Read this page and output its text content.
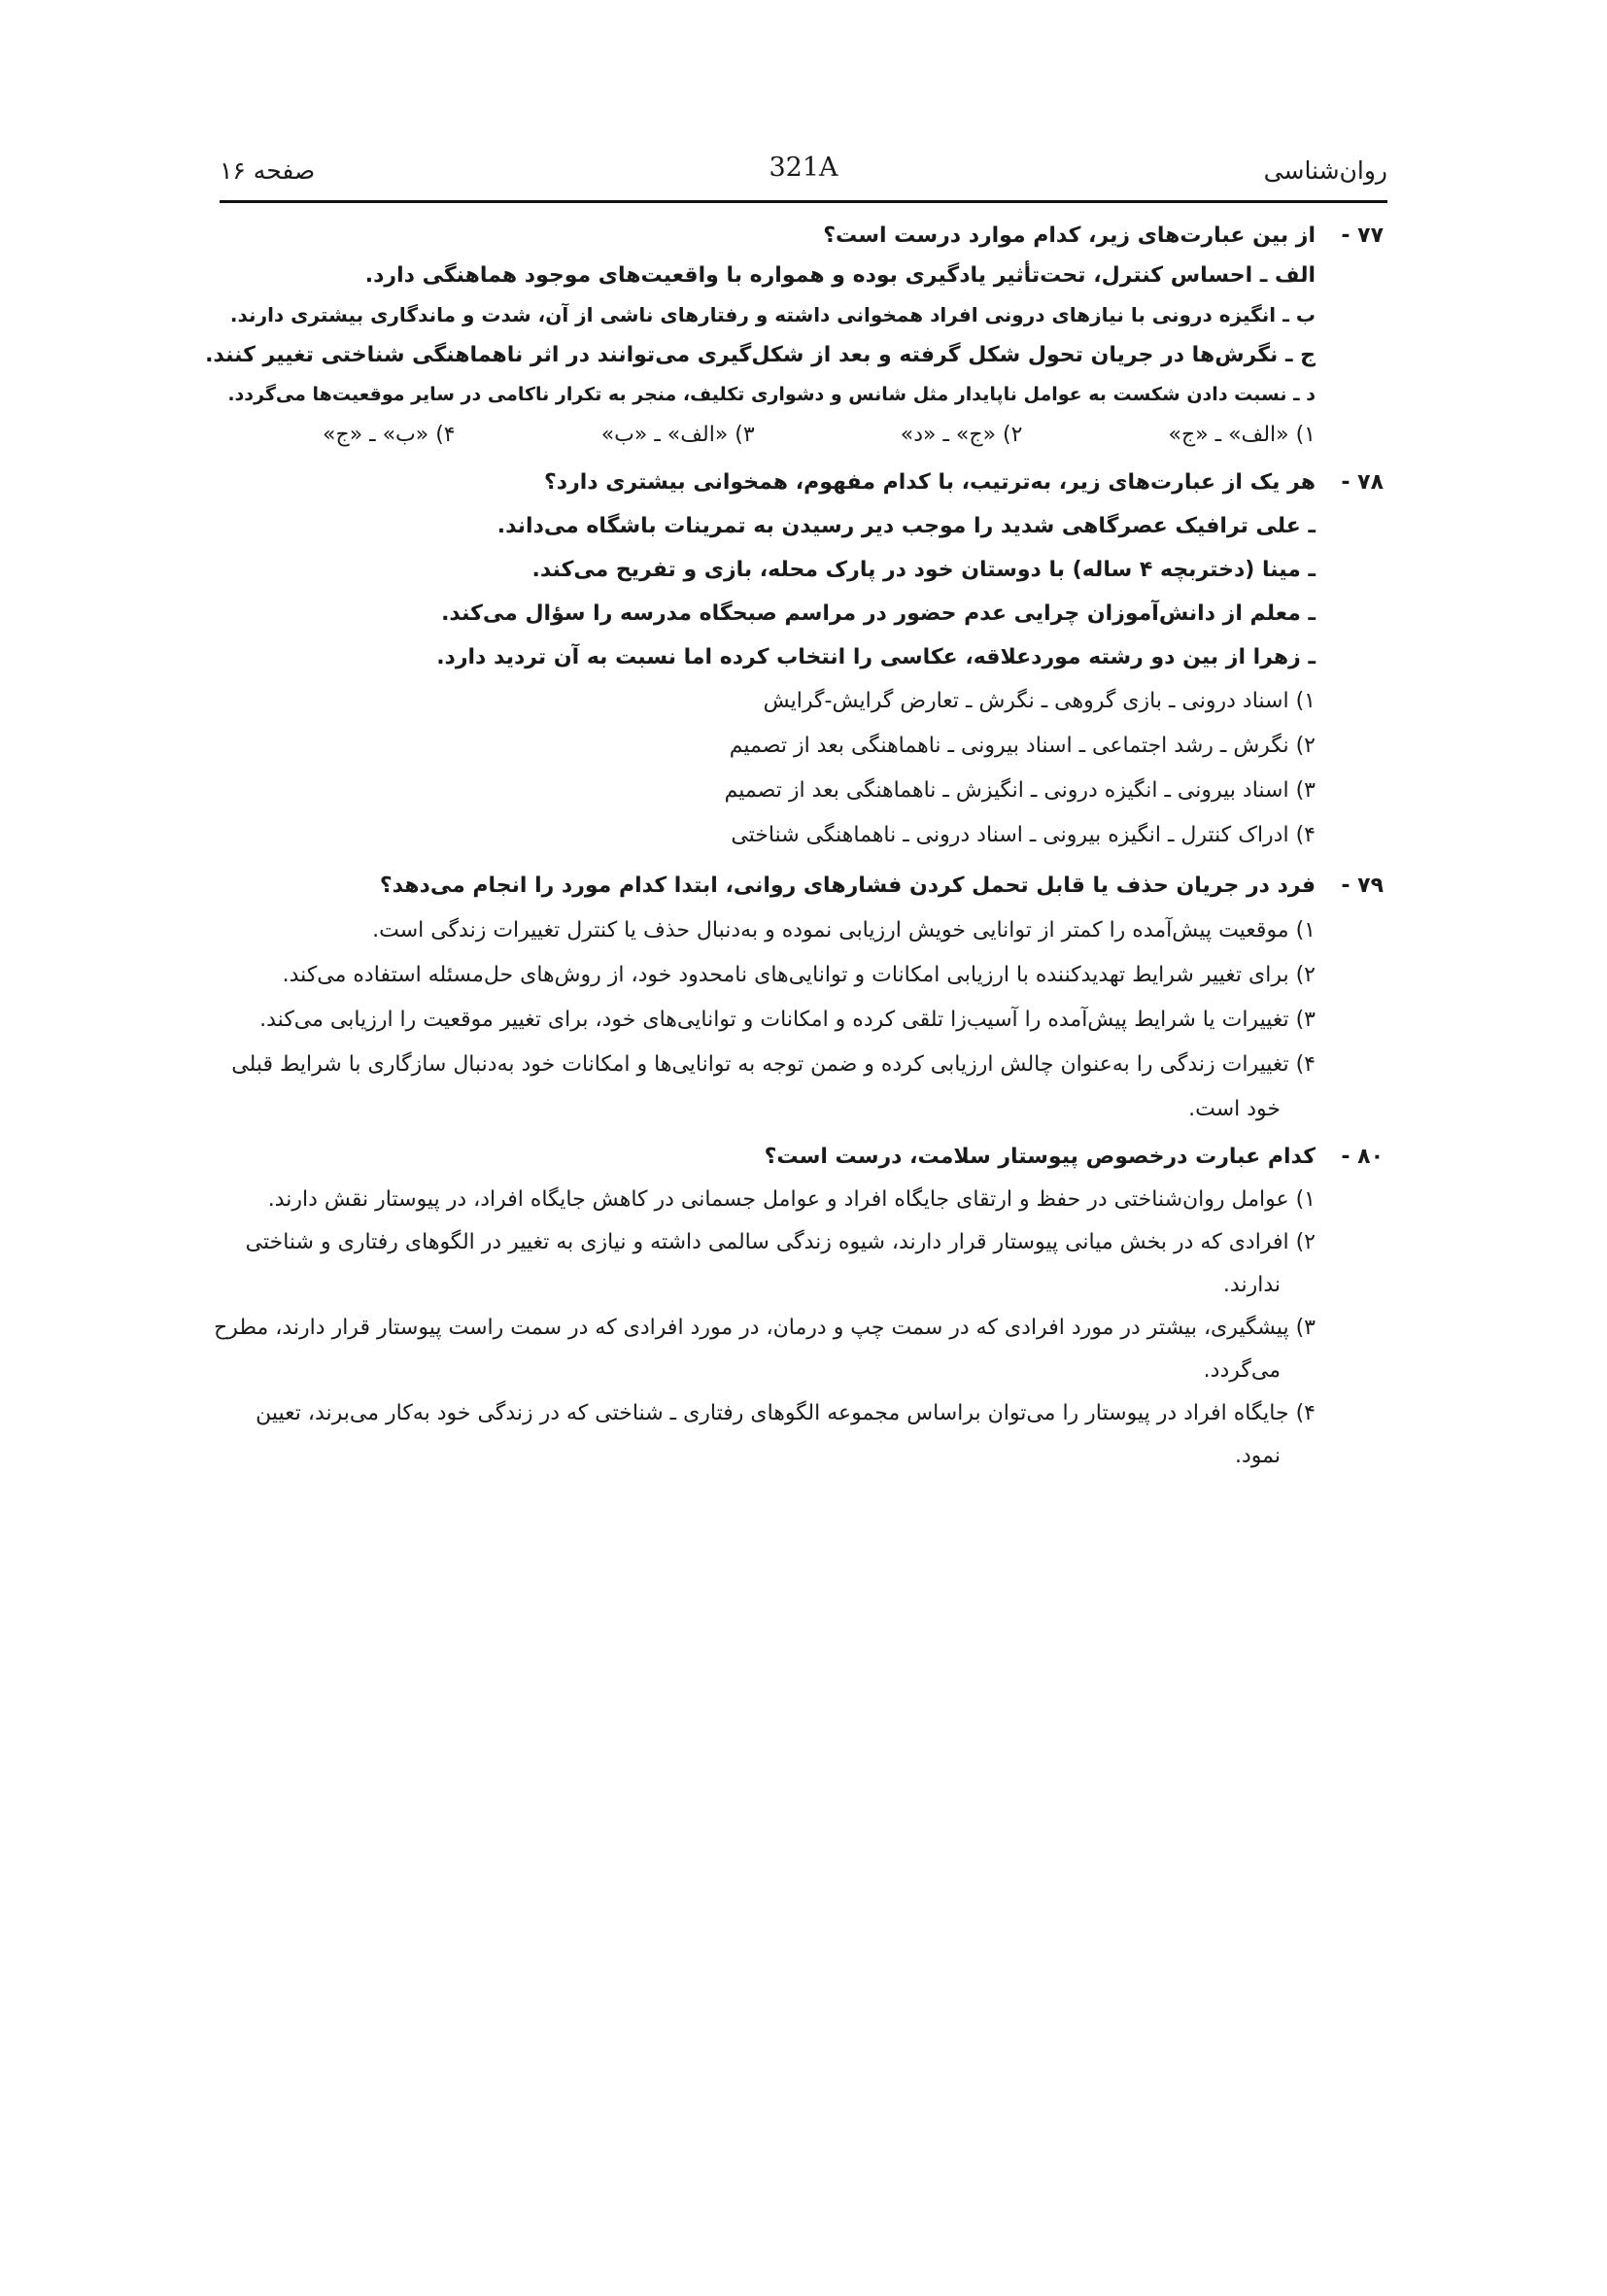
روان‌شناسی
321A
صفحه ۱۶
۷۷ -
از بین عبارت‌های زیر، کدام موارد درست است؟
الف ـ احساس کنترل، تحت‌تأثیر یادگیری بوده و همواره با واقعیت‌های موجود هماهنگی دارد.
ب ـ انگیزه درونی با نیازهای درونی افراد همخوانی داشته و رفتارهای ناشی از آن، شدت و ماندگاری بیشتری دارند.
ج ـ نگرش‌ها در جریان تحول شکل گرفته و بعد از شکل‌گیری می‌توانند در اثر ناهماهنگی شناختی تغییر کنند.
د ـ نسبت دادن شکست به عوامل ناپایدار مثل شانس و دشواری تکلیف، منجر به تکرار ناکامی در سایر موقعیت‌ها می‌گردد.
۱) «الف» ـ «ج»
۲) «ج» ـ «د»
۳) «الف» ـ «ب»
۴) «ب» ـ «ج»
۷۸ -
هر یک از عبارت‌های زیر، به‌ترتیب، با کدام مفهوم، همخوانی بیشتری دارد؟
ـ علی ترافیک عصرگاهی شدید را موجب دیر رسیدن به تمرینات باشگاه می‌داند.
ـ مینا (دختربچه ۴ ساله) با دوستان خود در پارک محله، بازی و تفریح می‌کند.
ـ معلم از دانش‌آموزان چرایی عدم حضور در مراسم صبحگاه مدرسه را سؤال می‌کند.
ـ زهرا از بین دو رشته موردعلاقه، عکاسی را انتخاب کرده اما نسبت به آن تردید دارد.
۱) اسناد درونی ـ بازی گروهی ـ نگرش ـ تعارض گرایش-گرایش
۲) نگرش ـ رشد اجتماعی ـ اسناد بیرونی ـ ناهماهنگی بعد از تصمیم
۳) اسناد بیرونی ـ انگیزه درونی ـ انگیزش ـ ناهماهنگی بعد از تصمیم
۴) ادراک کنترل ـ انگیزه بیرونی ـ اسناد درونی ـ ناهماهنگی شناختی
۷۹ -
فرد در جریان حذف یا قابل تحمل کردن فشارهای روانی، ابتدا کدام مورد را انجام می‌دهد؟
۱) موقعیت پیش‌آمده را کمتر از توانایی خویش ارزیابی نموده و به‌دنبال حذف یا کنترل تغییرات زندگی است.
۲) برای تغییر شرایط تهدیدکننده با ارزیابی امکانات و توانایی‌های نامحدود خود، از روش‌های حل‌مسئله استفاده می‌کند.
۳) تغییرات یا شرایط پیش‌آمده را آسیب‌زا تلقی کرده و امکانات و توانایی‌های خود، برای تغییر موقعیت را ارزیابی می‌کند.
۴) تغییرات زندگی را به‌عنوان چالش ارزیابی کرده و ضمن توجه به توانایی‌ها و امکانات خود به‌دنبال سازگاری با شرایط قبلی خود است.
۸۰ -
کدام عبارت درخصوص پیوستار سلامت، درست است؟
۱) عوامل روان‌شناختی در حفظ و ارتقای جایگاه افراد و عوامل جسمانی در کاهش جایگاه افراد، در پیوستار نقش دارند.
۲) افرادی که در بخش میانی پیوستار قرار دارند، شیوه زندگی سالمی داشته و نیازی به تغییر در الگوهای رفتاری و شناختی ندارند.
۳) پیشگیری، بیشتر در مورد افرادی که در سمت چپ و درمان، در مورد افرادی که در سمت راست پیوستار قرار دارند، مطرح می‌گردد.
۴) جایگاه افراد در پیوستار را می‌توان براساس مجموعه الگوهای رفتاری ـ شناختی که در زندگی خود به‌کار می‌برند، تعیین نمود.
